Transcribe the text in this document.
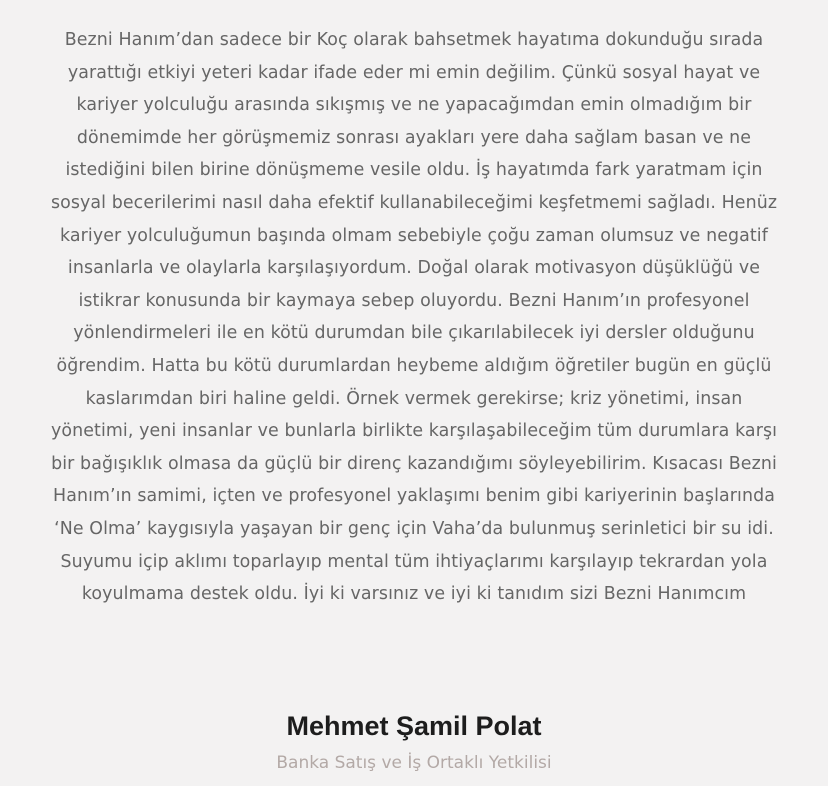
Bezni Hanım’dan sadece bir Koç olarak bahsetmek hayatıma dokunduğu sırada yarattığı etkiyi yeteri kadar ifade eder mi emin değilim. Çünkü sosyal hayat ve kariyer yolculuğu arasında sıkışmış ve ne yapacağımdan emin olmadığım bir dönemimde her görüşmemiz sonrası ayakları yere daha sağlam basan ve ne istediğini bilen birine dönüşmeme vesile oldu. İş hayatımda fark yaratmam için sosyal becerilerimi nasıl daha efektif kullanabileceğimi keşfetmemi sağladı. Henüz kariyer yolculuğumun başında olmam sebebiyle çoğu zaman olumsuz ve negatif insanlarla ve olaylarla karşılaşıyordum. Doğal olarak motivasyon düşüklüğü ve istikrar konusunda bir kaymaya sebep oluyordu. Bezni Hanım’ın profesyonel yönlendirmeleri ile en kötü durumdan bile çıkarılabilecek iyi dersler olduğunu öğrendim. Hatta bu kötü durumlardan heybeme aldığım öğretiler bugün en güçlü kaslarımdan biri haline geldi. Örnek vermek gerekirse; kriz yönetimi, insan yönetimi, yeni insanlar ve bunlarla birlikte karşılaşabileceğim tüm durumlara karşı bir bağışıklık olmasa da güçlü bir direnç kazandığımı söyleyebilirim. Kısacası Bezni Hanım’ın samimi, içten ve profesyonel yaklaşımı benim gibi kariyerinin başlarında ‘Ne Olma’ kaygısıyla yaşayan bir genç için Vaha’da bulunmuş serinletici bir su idi. Suyumu içip aklımı toparlayıp mental tüm ihtiyaçlarımı karşılayıp tekrardan yola koyulmama destek oldu. İyi ki varsınız ve iyi ki tanıdım sizi Bezni Hanımcım

Mehmet Şamil Polat

Banka Satış ve İş Ortaklı Yetkilisi
